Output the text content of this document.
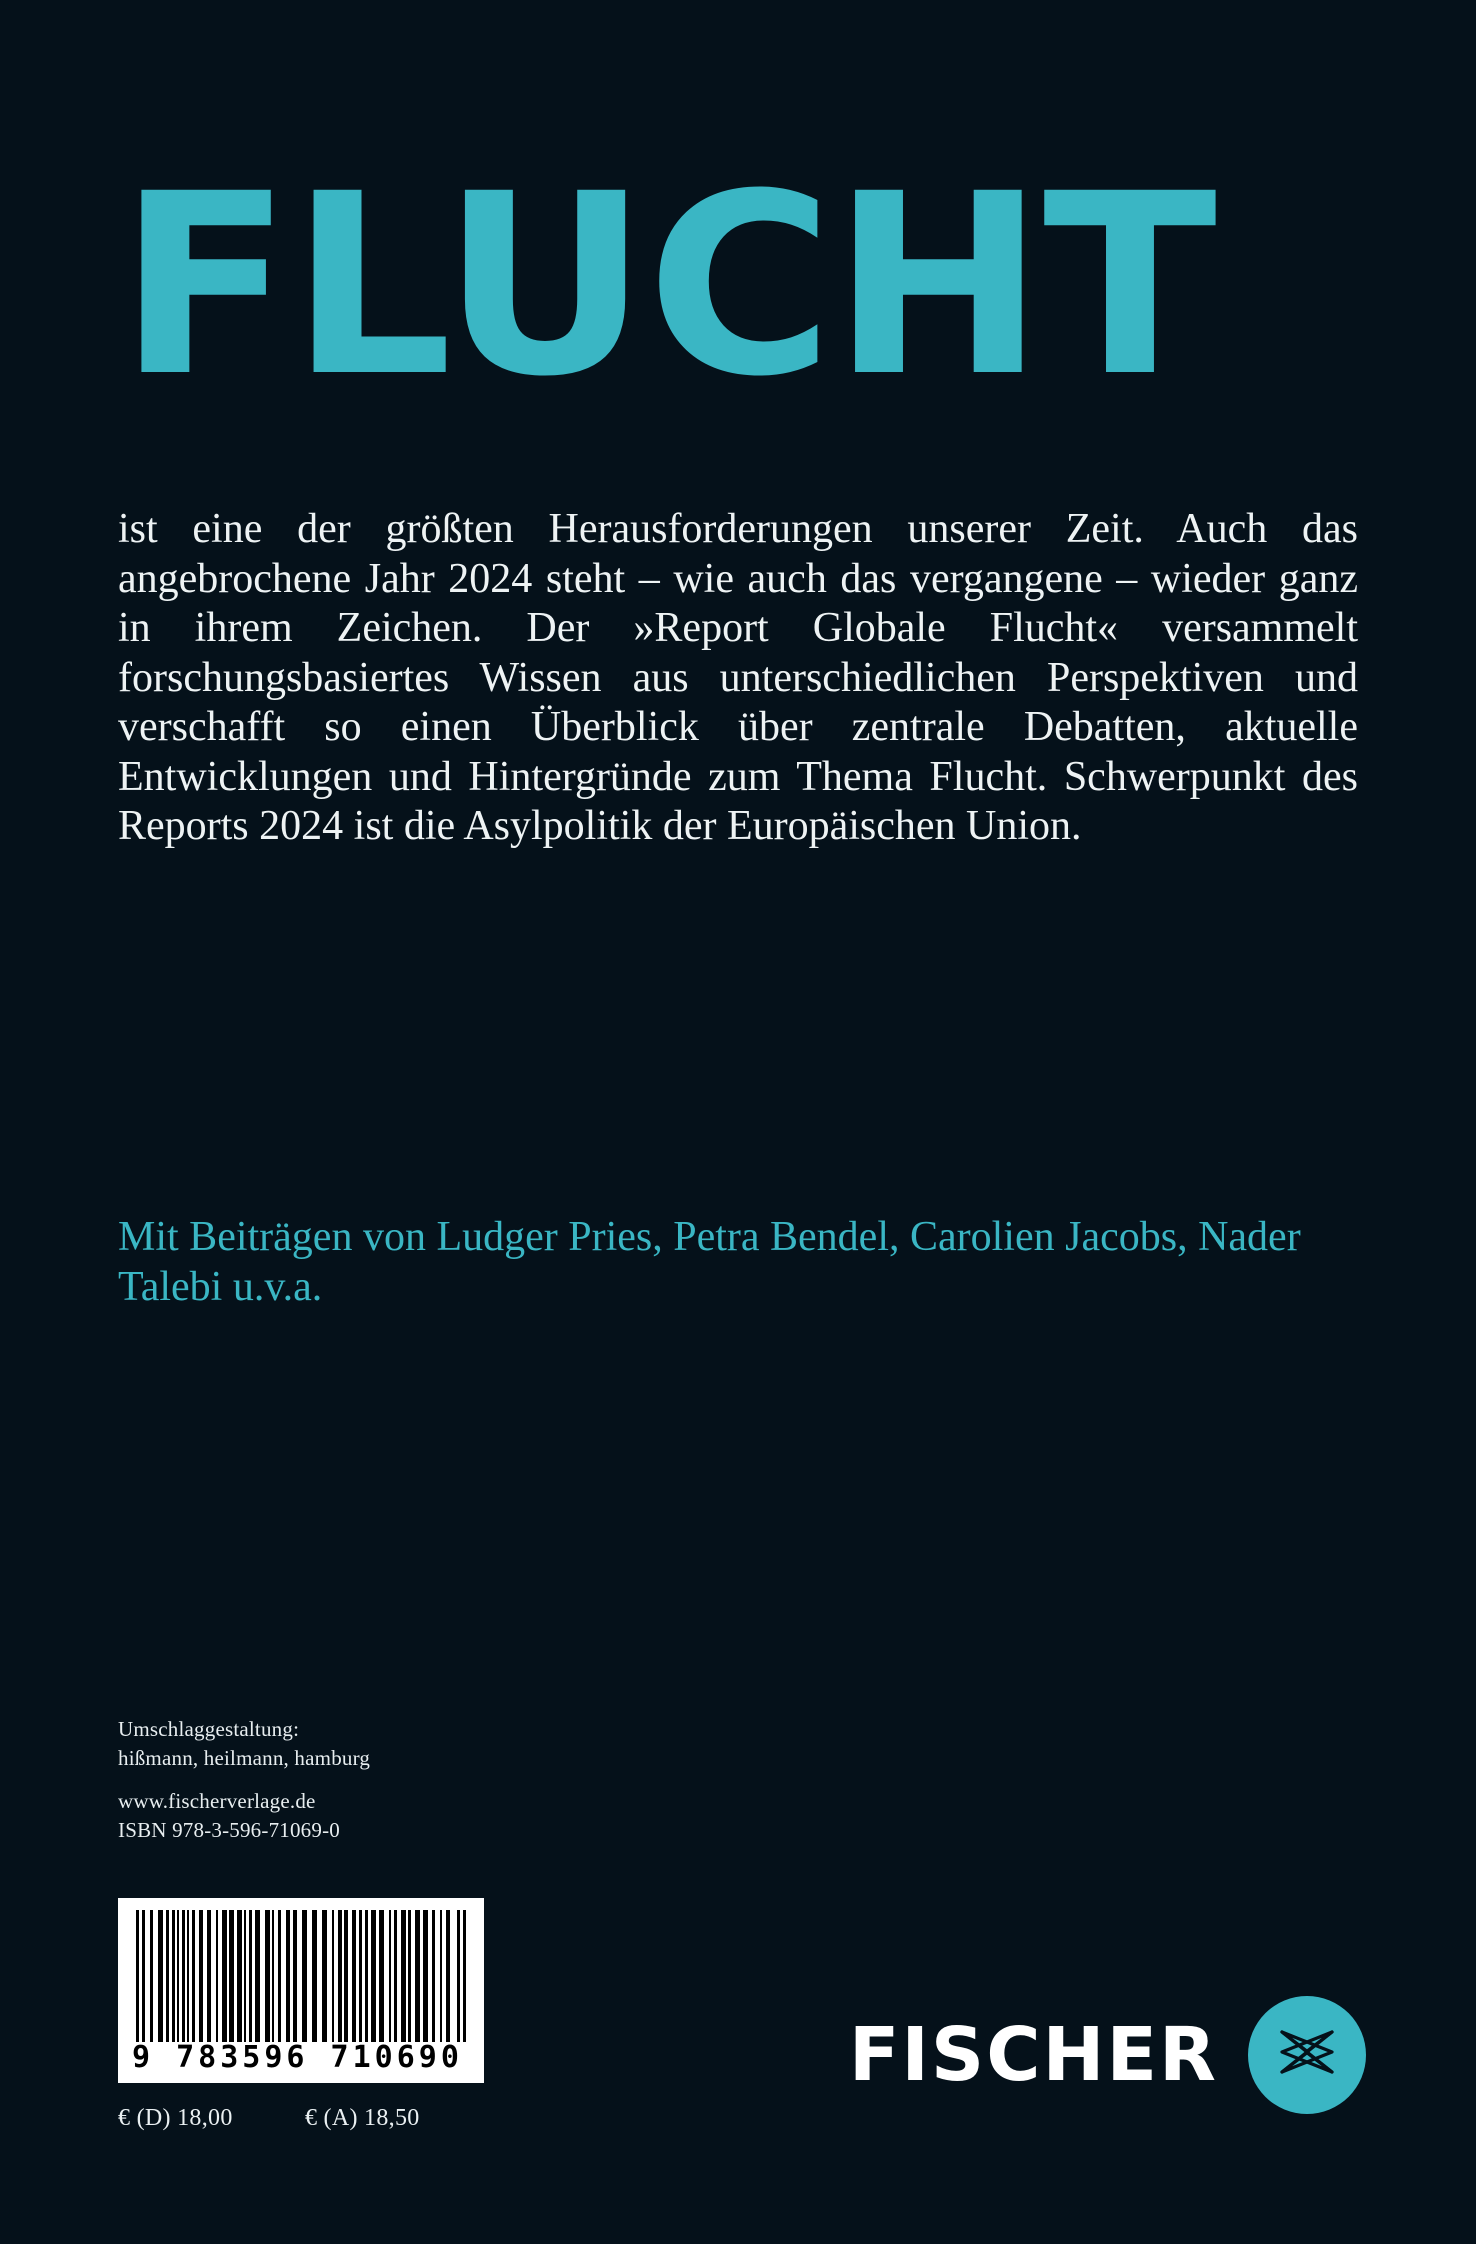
FLUCHT
ist eine der größten Herausforderungen unserer Zeit. Auch das angebrochene Jahr 2024 steht – wie auch das vergangene – wieder ganz in ihrem Zeichen. Der »Report Globale Flucht« versammelt forschungsbasiertes Wissen aus unterschiedlichen Perspektiven und verschafft so einen Überblick über zentrale Debatten, aktuelle Entwicklungen und Hintergründe zum Thema Flucht. Schwerpunkt des Reports 2024 ist die Asylpolitik der Europäischen Union.
Mit Beiträgen von Ludger Pries, Petra Bendel, Carolien Jacobs, Nader Talebi u.v.a.
Umschlaggestaltung:
hißmann, heilmann, hamburg
www.fischerverlage.de
ISBN 978-3-596-71069-0
9 783596 710690
€ (D) 18,00	€ (A) 18,50
FISCHER
